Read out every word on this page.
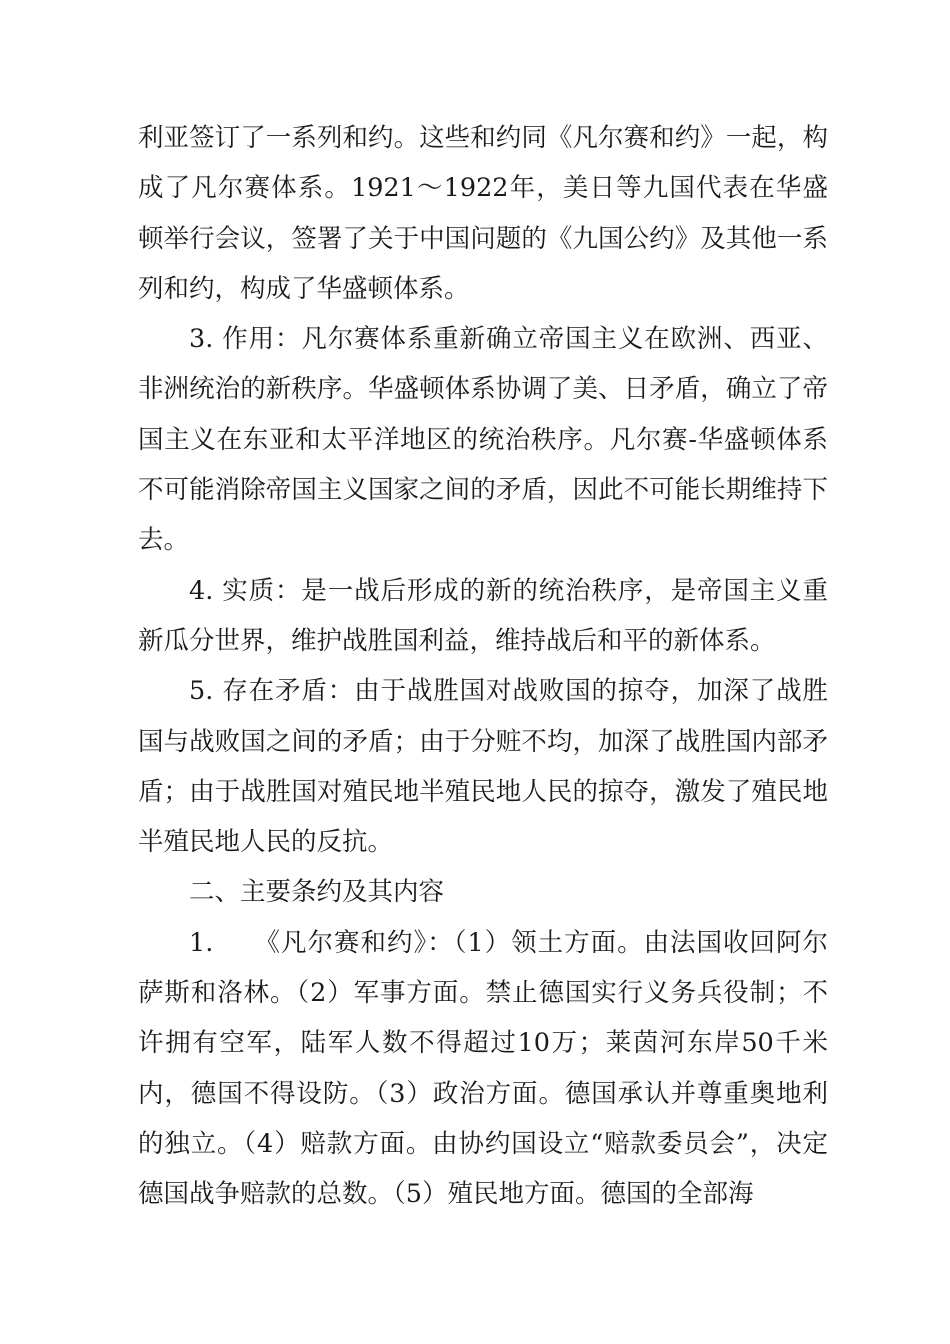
利亚签订了一系列和约。这些和约同《凡尔赛和约》一起，构成了凡尔赛体系。1921～1922年，美日等九国代表在华盛顿举行会议，签署了关于中国问题的《九国公约》及其他一系列和约，构成了华盛顿体系。

3. 作用：凡尔赛体系重新确立帝国主义在欧洲、西亚、非洲统治的新秩序。华盛顿体系协调了美、日矛盾，确立了帝国主义在东亚和太平洋地区的统治秩序。凡尔赛-华盛顿体系不可能消除帝国主义国家之间的矛盾，因此不可能长期维持下去。

4. 实质：是一战后形成的新的统治秩序，是帝国主义重新瓜分世界，维护战胜国利益，维持战后和平的新体系。

5. 存在矛盾：由于战胜国对战败国的掠夺，加深了战胜国与战败国之间的矛盾；由于分赃不均，加深了战胜国内部矛盾；由于战胜国对殖民地半殖民地人民的掠夺，激发了殖民地半殖民地人民的反抗。

二、主要条约及其内容

1.　　《凡尔赛和约》：（1）领土方面。由法国收回阿尔萨斯和洛林。（2）军事方面。禁止德国实行义务兵役制；不许拥有空军，陆军人数不得超过10万；莱茵河东岸50千米内，德国不得设防。（3）政治方面。德国承认并尊重奥地利的独立。（4）赔款方面。由协约国设立“赔款委员会”，决定德国战争赔款的总数。（5）殖民地方面。德国的全部海
